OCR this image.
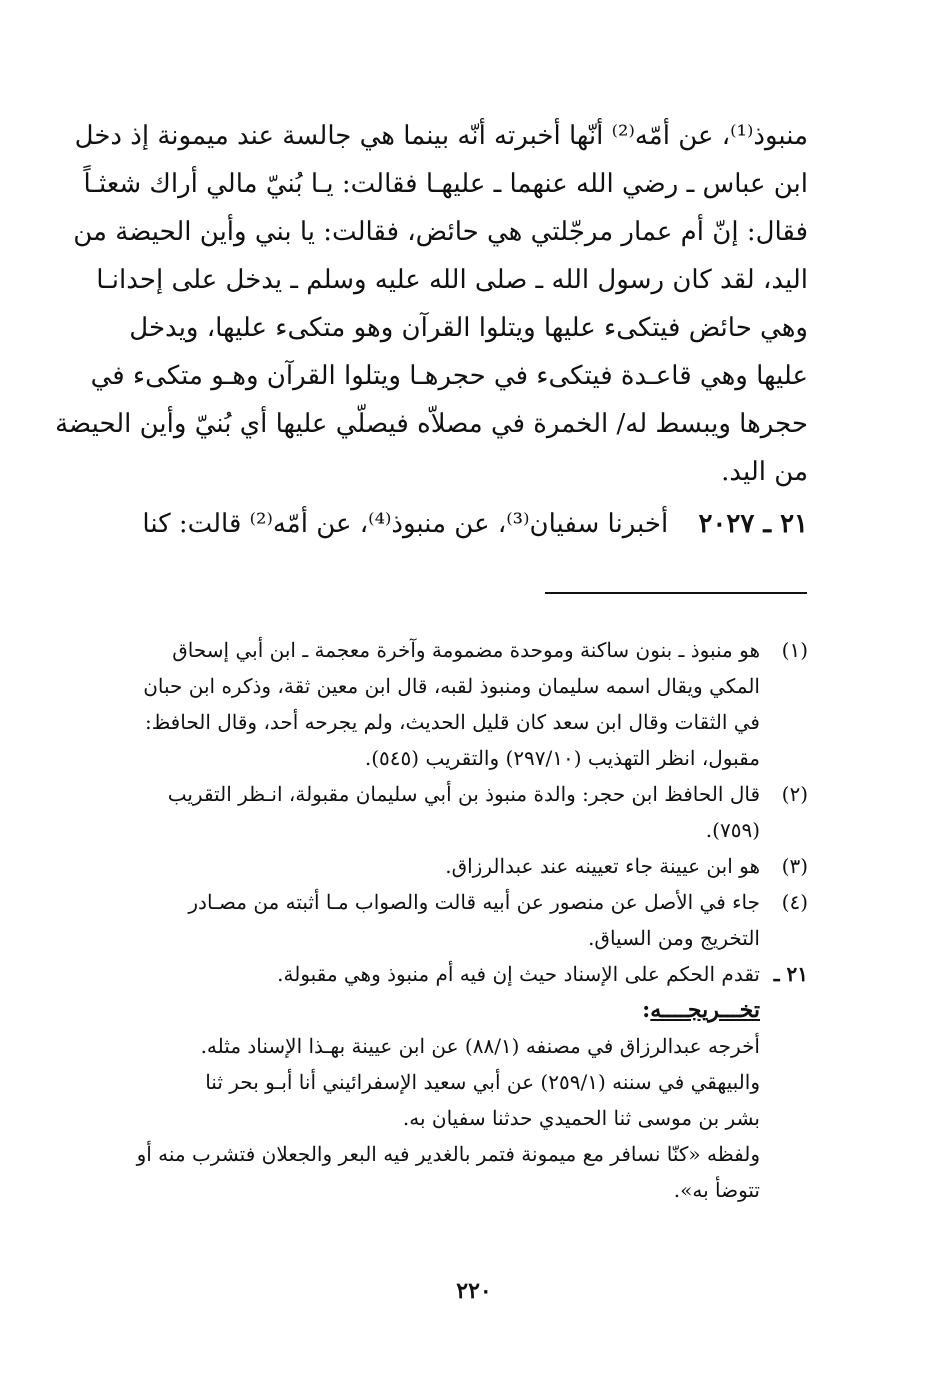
منبوذ⁽¹⁾، عن أمّه⁽²⁾ أنّها أخبرته أنّه بينما هي جالسة عند ميمونة إذ دخل
ابن عباس ـ رضي الله عنهما ـ عليهـا فقالت: يـا بُنيّ مالي أراك شعثـاً
فقال: إنّ أم عمار مرجّلتي هي حائض، فقالت: يا بني وأين الحيضة من
اليد، لقد كان رسول الله ـ صلى الله عليه وسلم ـ يدخل على إحدانـا
وهي حائض فيتكىء عليها ويتلوا القرآن وهو متكىء عليها، ويدخل
عليها وهي قاعـدة فيتكىء في حجرهـا ويتلوا القرآن وهـو متكىء في
حجرها ويبسط له/ الخمرة في مصلاّه فيصلّي عليها أي بُنيّ وأين الحيضة
من اليد.
٢١ ـ ٢٠٢٧ أخبرنا سفيان⁽³⁾، عن منبوذ⁽⁴⁾، عن أمّه⁽²⁾ قالت: كنا
(١)
هو منبوذ ـ بنون ساكنة وموحدة مضمومة وآخرة معجمة ـ ابن أبي إسحاق
المكي ويقال اسمه سليمان ومنبوذ لقبه، قال ابن معين ثقة، وذكره ابن حبان
في الثقات وقال ابن سعد كان قليل الحديث، ولم يجرحه أحد، وقال الحافظ:
مقبول، انظر التهذيب (٢٩٧/١٠) والتقريب (٥٤٥).
(٢)
قال الحافظ ابن حجر: والدة منبوذ بن أبي سليمان مقبولة، انـظر التقريب
(٧٥٩).
(٣)
هو ابن عيينة جاء تعيينه عند عبدالرزاق.
(٤)
جاء في الأصل عن منصور عن أبيه قالت والصواب مـا أثبته من مصـادر
التخريج ومن السياق.
٢١ ـ
تقدم الحكم على الإسناد حيث إن فيه أم منبوذ وهي مقبولة.
تخـــريجــــه:
أخرجه عبدالرزاق في مصنفه (٨٨/١) عن ابن عيينة بهـذا الإسناد مثله.
والبيهقي في سننه (٢٥٩/١) عن أبي سعيد الإسفرائيني أنا أبـو بحر ثنا
بشر بن موسى ثنا الحميدي حدثنا سفيان به.
ولفظه «كنّا نسافر مع ميمونة فتمر بالغدير فيه البعر والجعلان فتشرب منه أو
تتوضأ به».
٢٢٠
